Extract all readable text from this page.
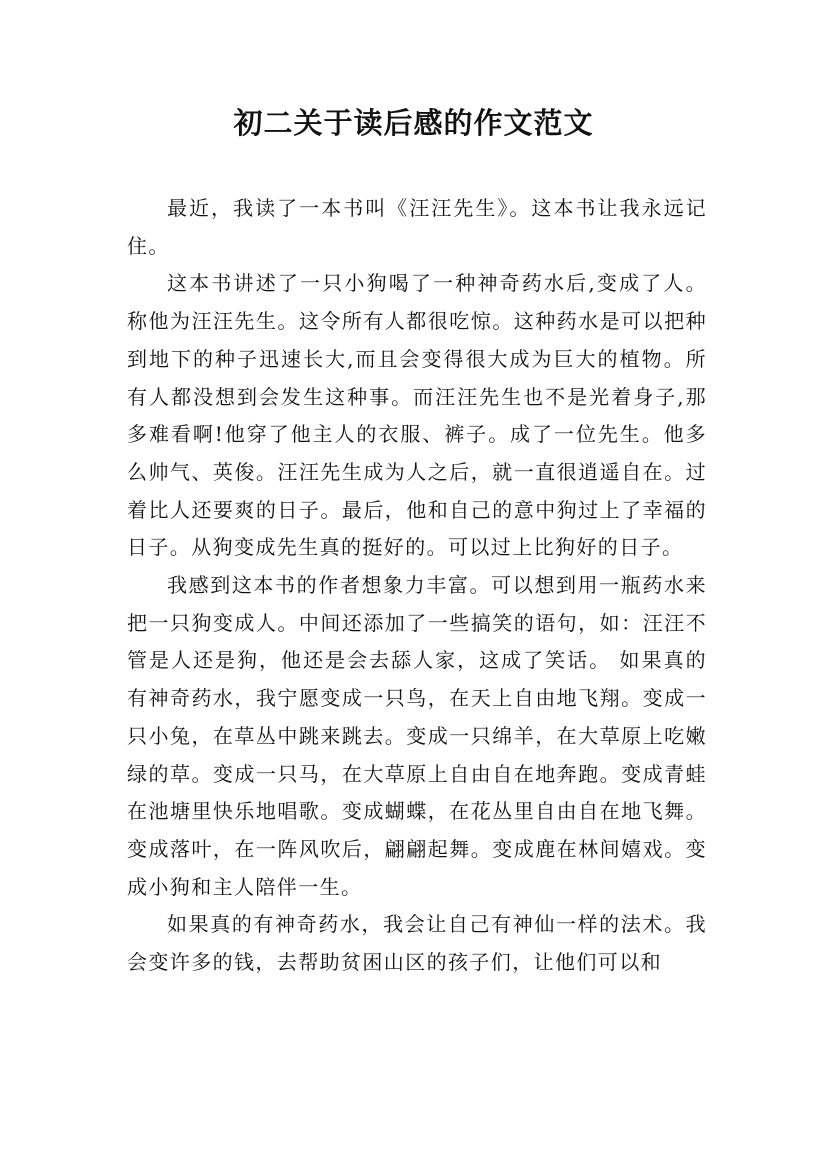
初二关于读后感的作文范文

最近，我读了一本书叫《汪汪先生》。这本书让我永远记住。

这本书讲述了一只小狗喝了一种神奇药水后,变成了人。称他为汪汪先生。这令所有人都很吃惊。这种药水是可以把种到地下的种子迅速长大,而且会变得很大成为巨大的植物。所有人都没想到会发生这种事。而汪汪先生也不是光着身子,那多难看啊!他穿了他主人的衣服、裤子。成了一位先生。他多么帅气、英俊。汪汪先生成为人之后，就一直很逍遥自在。过着比人还要爽的日子。最后，他和自己的意中狗过上了幸福的日子。从狗变成先生真的挺好的。可以过上比狗好的日子。

我感到这本书的作者想象力丰富。可以想到用一瓶药水来把一只狗变成人。中间还添加了一些搞笑的语句，如：汪汪不管是人还是狗，他还是会去舔人家，这成了笑话。 如果真的有神奇药水，我宁愿变成一只鸟，在天上自由地飞翔。变成一只小兔，在草丛中跳来跳去。变成一只绵羊，在大草原上吃嫩绿的草。变成一只马，在大草原上自由自在地奔跑。变成青蛙在池塘里快乐地唱歌。变成蝴蝶，在花丛里自由自在地飞舞。变成落叶，在一阵风吹后，翩翩起舞。变成鹿在林间嬉戏。变成小狗和主人陪伴一生。

如果真的有神奇药水，我会让自己有神仙一样的法术。我会变许多的钱，去帮助贫困山区的孩子们，让他们可以和
